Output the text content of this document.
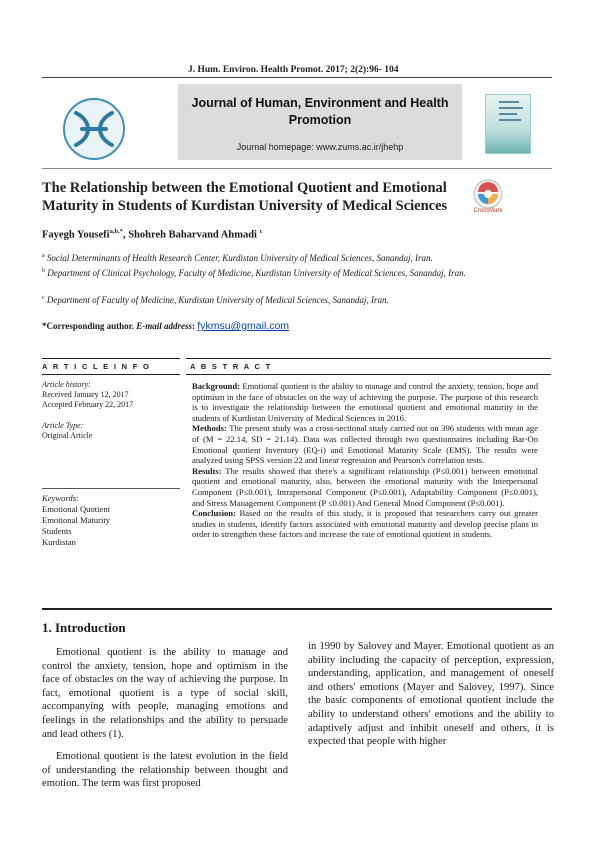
J. Hum. Environ. Health Promot. 2017; 2(2):96- 104
Journal of Human, Environment and Health Promotion
Journal homepage: www.zums.ac.ir/jhehp
The Relationship between the Emotional Quotient and Emotional Maturity in Students of Kurdistan University of Medical Sciences	CrossMark
Fayegh Yousefi$^{a,b,*}$, Shohreh Baharvand Ahmadi $^c$
$^a$ Social Determinants of Health Research Center, Kurdistan University of Medical Sciences, Sanandaj, Iran.
$^b$ Department of Clinical Psychology, Faculty of Medicine, Kurdistan University of Medical Sciences, Sanandaj, Iran.
$^c$ Department of Faculty of Medicine, Kurdistan University of Medical Sciences, Sanandaj, Iran.
*Corresponding author. E-mail address: fykmsu@gmail.com
A R T I C L E I N F O
Article history:
Received January 12, 2017
Accepted February 22, 2017
Article Type:
Original Article
Keywords:
Emotional Quotient
Emotional Maturity
Students
Kurdistan
A B S T R A C T

Background: Emotional quotient is the ability to manage and control the anxiety, tension, hope and optimism in the face of obstacles on the way of achieving the purpose. The purpose of this research is to investigate the relationship between the emotional quotient and emotional maturity in the students of Kurdistan University of Medical Sciences in 2016.

Methods: The present study was a cross-sectional study carried out on 396 students with mean age of (M = 22.14, SD = 21.14). Data was collected through two questionnaires including Bar-On Emotional quotient Inventory (EQ-i) and Emotional Maturity Scale (EMS). The results were analyzed using SPSS version 22 and linear regression and Pearson's correlation tests.

Results: The results showed that there's a significant relationship (P≤0.001) between emotional quotient and emotional maturity, also, between the emotional maturity with the Interpersonal Component (P≤0.001), Intrapersonal Component (P≤0.001), Adaptability Component (P≤0.001), and Stress Management Component (P ≤0.001) And General Mood Component (P≤0.001).

Conclusion: Based on the results of this study, it is proposed that researchers carry out greater studies in students, identify factors associated with emotional maturity and develop precise plans in order to strengthen these factors and increase the rate of emotional quotient in students.

1. Introduction

Emotional quotient is the ability to manage and control the anxiety, tension, hope and optimism in the face of obstacles on the way of achieving the purpose. In fact, emotional quotient is a type of social skill, accompanying with people, managing emotions and feelings in the relationships and the ability to persuade and lead others (1).

Emotional quotient is the latest evolution in the field of understanding the relationship between thought and emotion. The term was first proposed

in 1990 by Salovey and Mayer. Emotional quotient as an ability including the capacity of perception, expression, understanding, application, and management of oneself and others' emotions (Mayer and Salovey, 1997). Since the basic components of emotional quotient include the ability to understand others' emotions and the ability to adaptively adjust and inhibit oneself and others, it is expected that people with higher
